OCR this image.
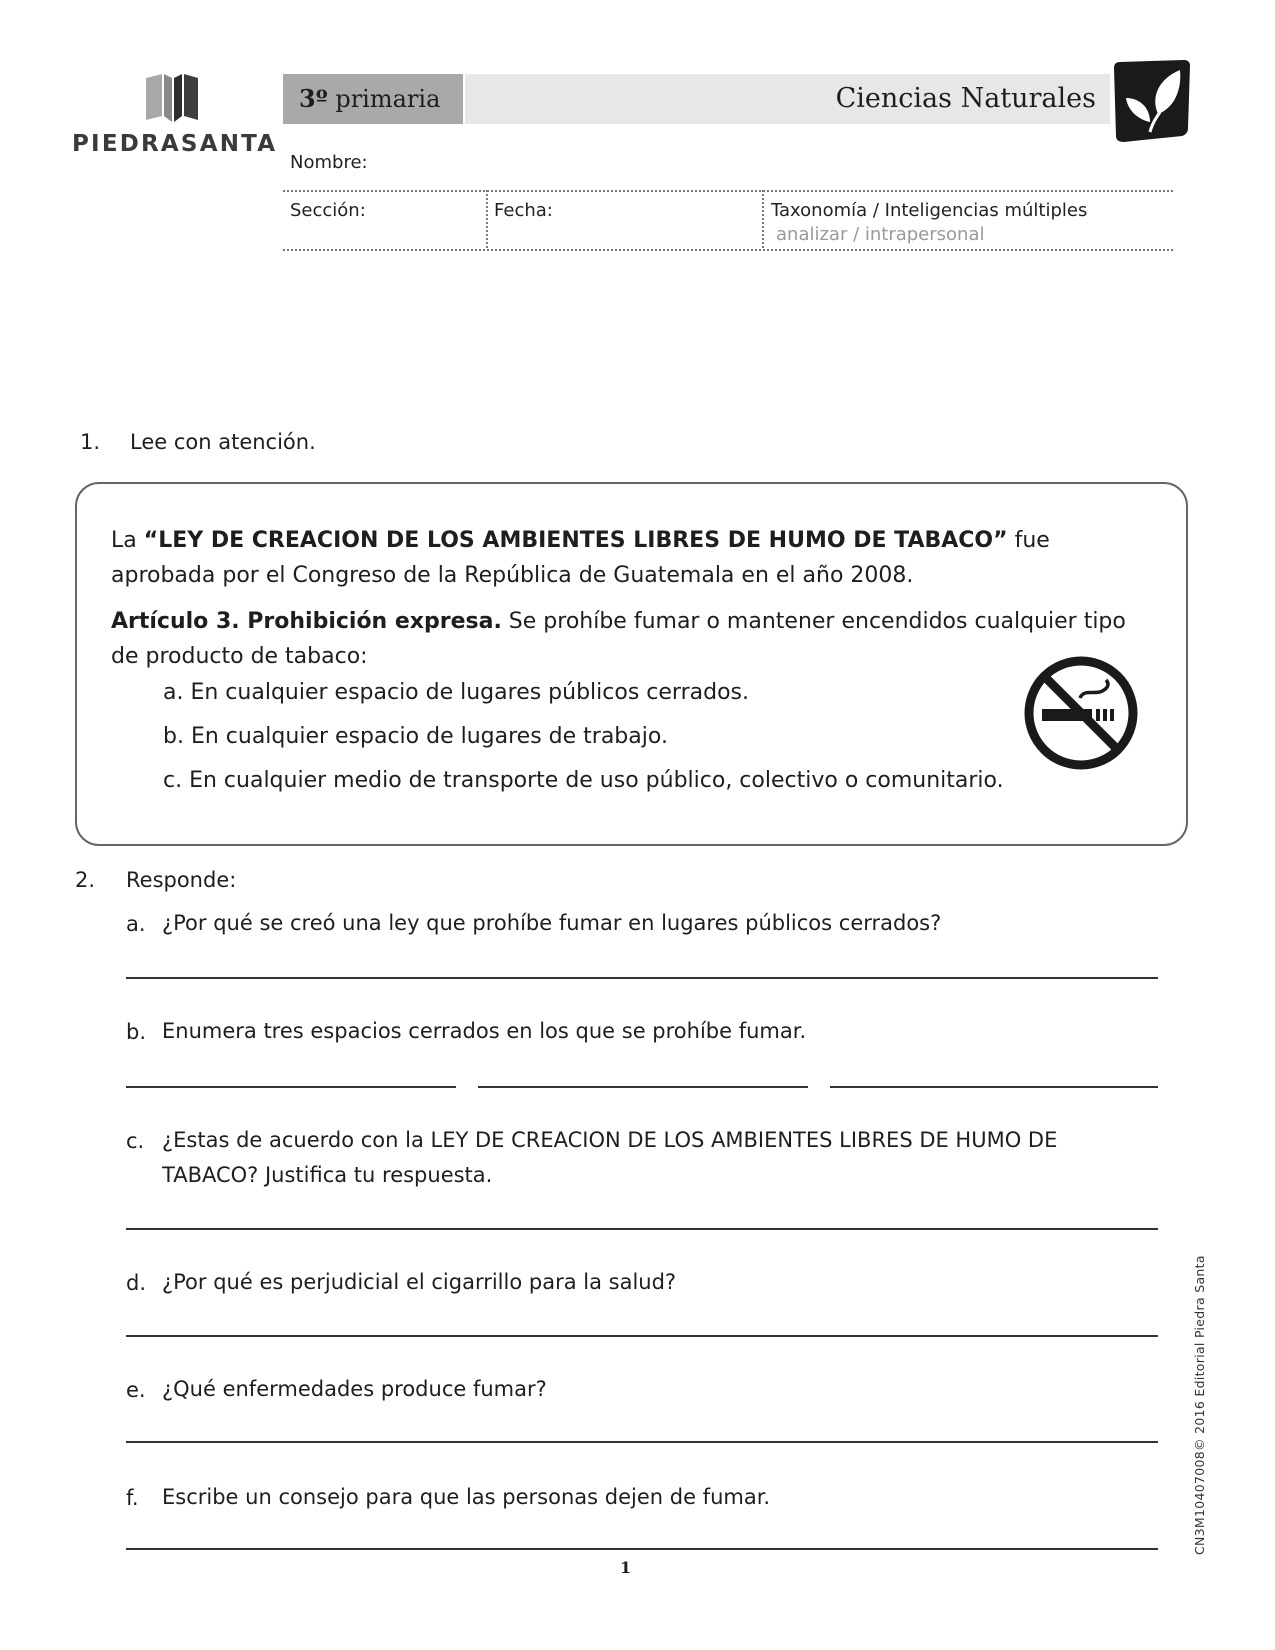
PIEDRASANTA
3º primaria	Ciencias Naturales
Nombre:
Sección:	Fecha:	Taxonomía / Inteligencias múltiples
analizar / intrapersonal
1. Lee con atención.
La “LEY DE CREACION DE LOS AMBIENTES LIBRES DE HUMO DE TABACO” fue aprobada por el Congreso de la República de Guatemala en el año 2008.
Artículo 3. Prohibición expresa. Se prohíbe fumar o mantener encendidos cualquier tipo de producto de tabaco:
a. En cualquier espacio de lugares públicos cerrados.
b. En cualquier espacio de lugares de trabajo.
c. En cualquier medio de transporte de uso público, colectivo o comunitario.
2. Responde:
a. ¿Por qué se creó una ley que prohíbe fumar en lugares públicos cerrados?
b. Enumera tres espacios cerrados en los que se prohíbe fumar.
c. ¿Estas de acuerdo con la LEY DE CREACION DE LOS AMBIENTES LIBRES DE HUMO DE TABACO? Justifica tu respuesta.
d. ¿Por qué es perjudicial el cigarrillo para la salud?
e. ¿Qué enfermedades produce fumar?
f. Escribe un consejo para que las personas dejen de fumar.
1
CN3M10407008© 2016 Editorial Piedra Santa
